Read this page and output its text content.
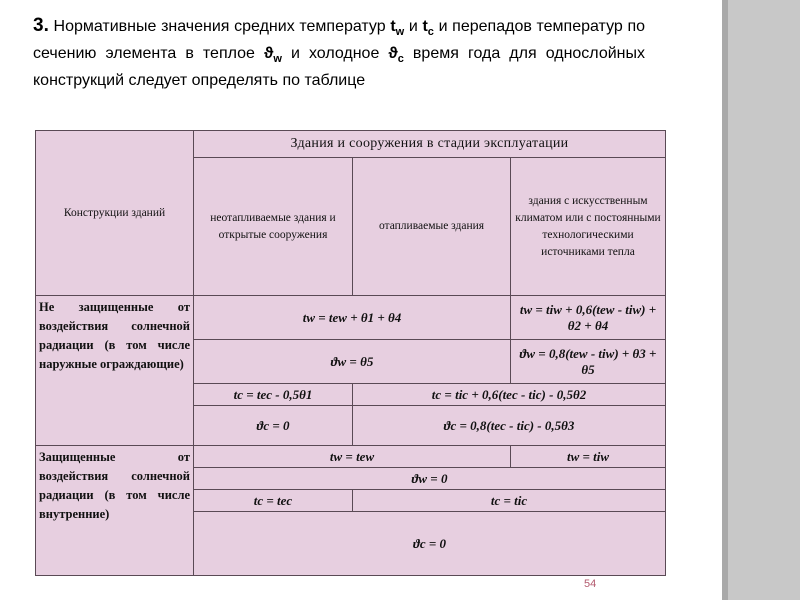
3. Нормативные значения средних температур $t_w$ и $t_c$ и перепадов температур по сечению элемента в теплое $ϑ_w$ и холодное $ϑ_c$ время года для однослойных конструкций следует определять по таблице
Конструкции зданий	Здания и сооружения в стадии эксплуатации		
	неотапливаемые здания и открытые сооружения	отапливаемые здания	здания с искусственным климатом или с постоянными технологическими источниками тепла
Не защищенные от воздействия солнечной радиации (в том числе наружные ограждающие)	tw = tew + θ1 + θ4		tw = tiw + 0,6(tew - tiw) + θ2 + θ4
	ϑw = θ5		ϑw = 0,8(tew - tiw) + θ3 + θ5
	tc = tec - 0,5θ1	tc = tic + 0,6(tec - tic) - 0,5θ2	
	ϑc = 0	ϑc = 0,8(tec - tic) - 0,5θ3	
Защищенные от воздействия солнечной радиации (в том числе внутренние)	tw = tew		tw = tiw
	ϑw = 0		
	tc = tec	tc = tic	
	ϑc = 0		
54
